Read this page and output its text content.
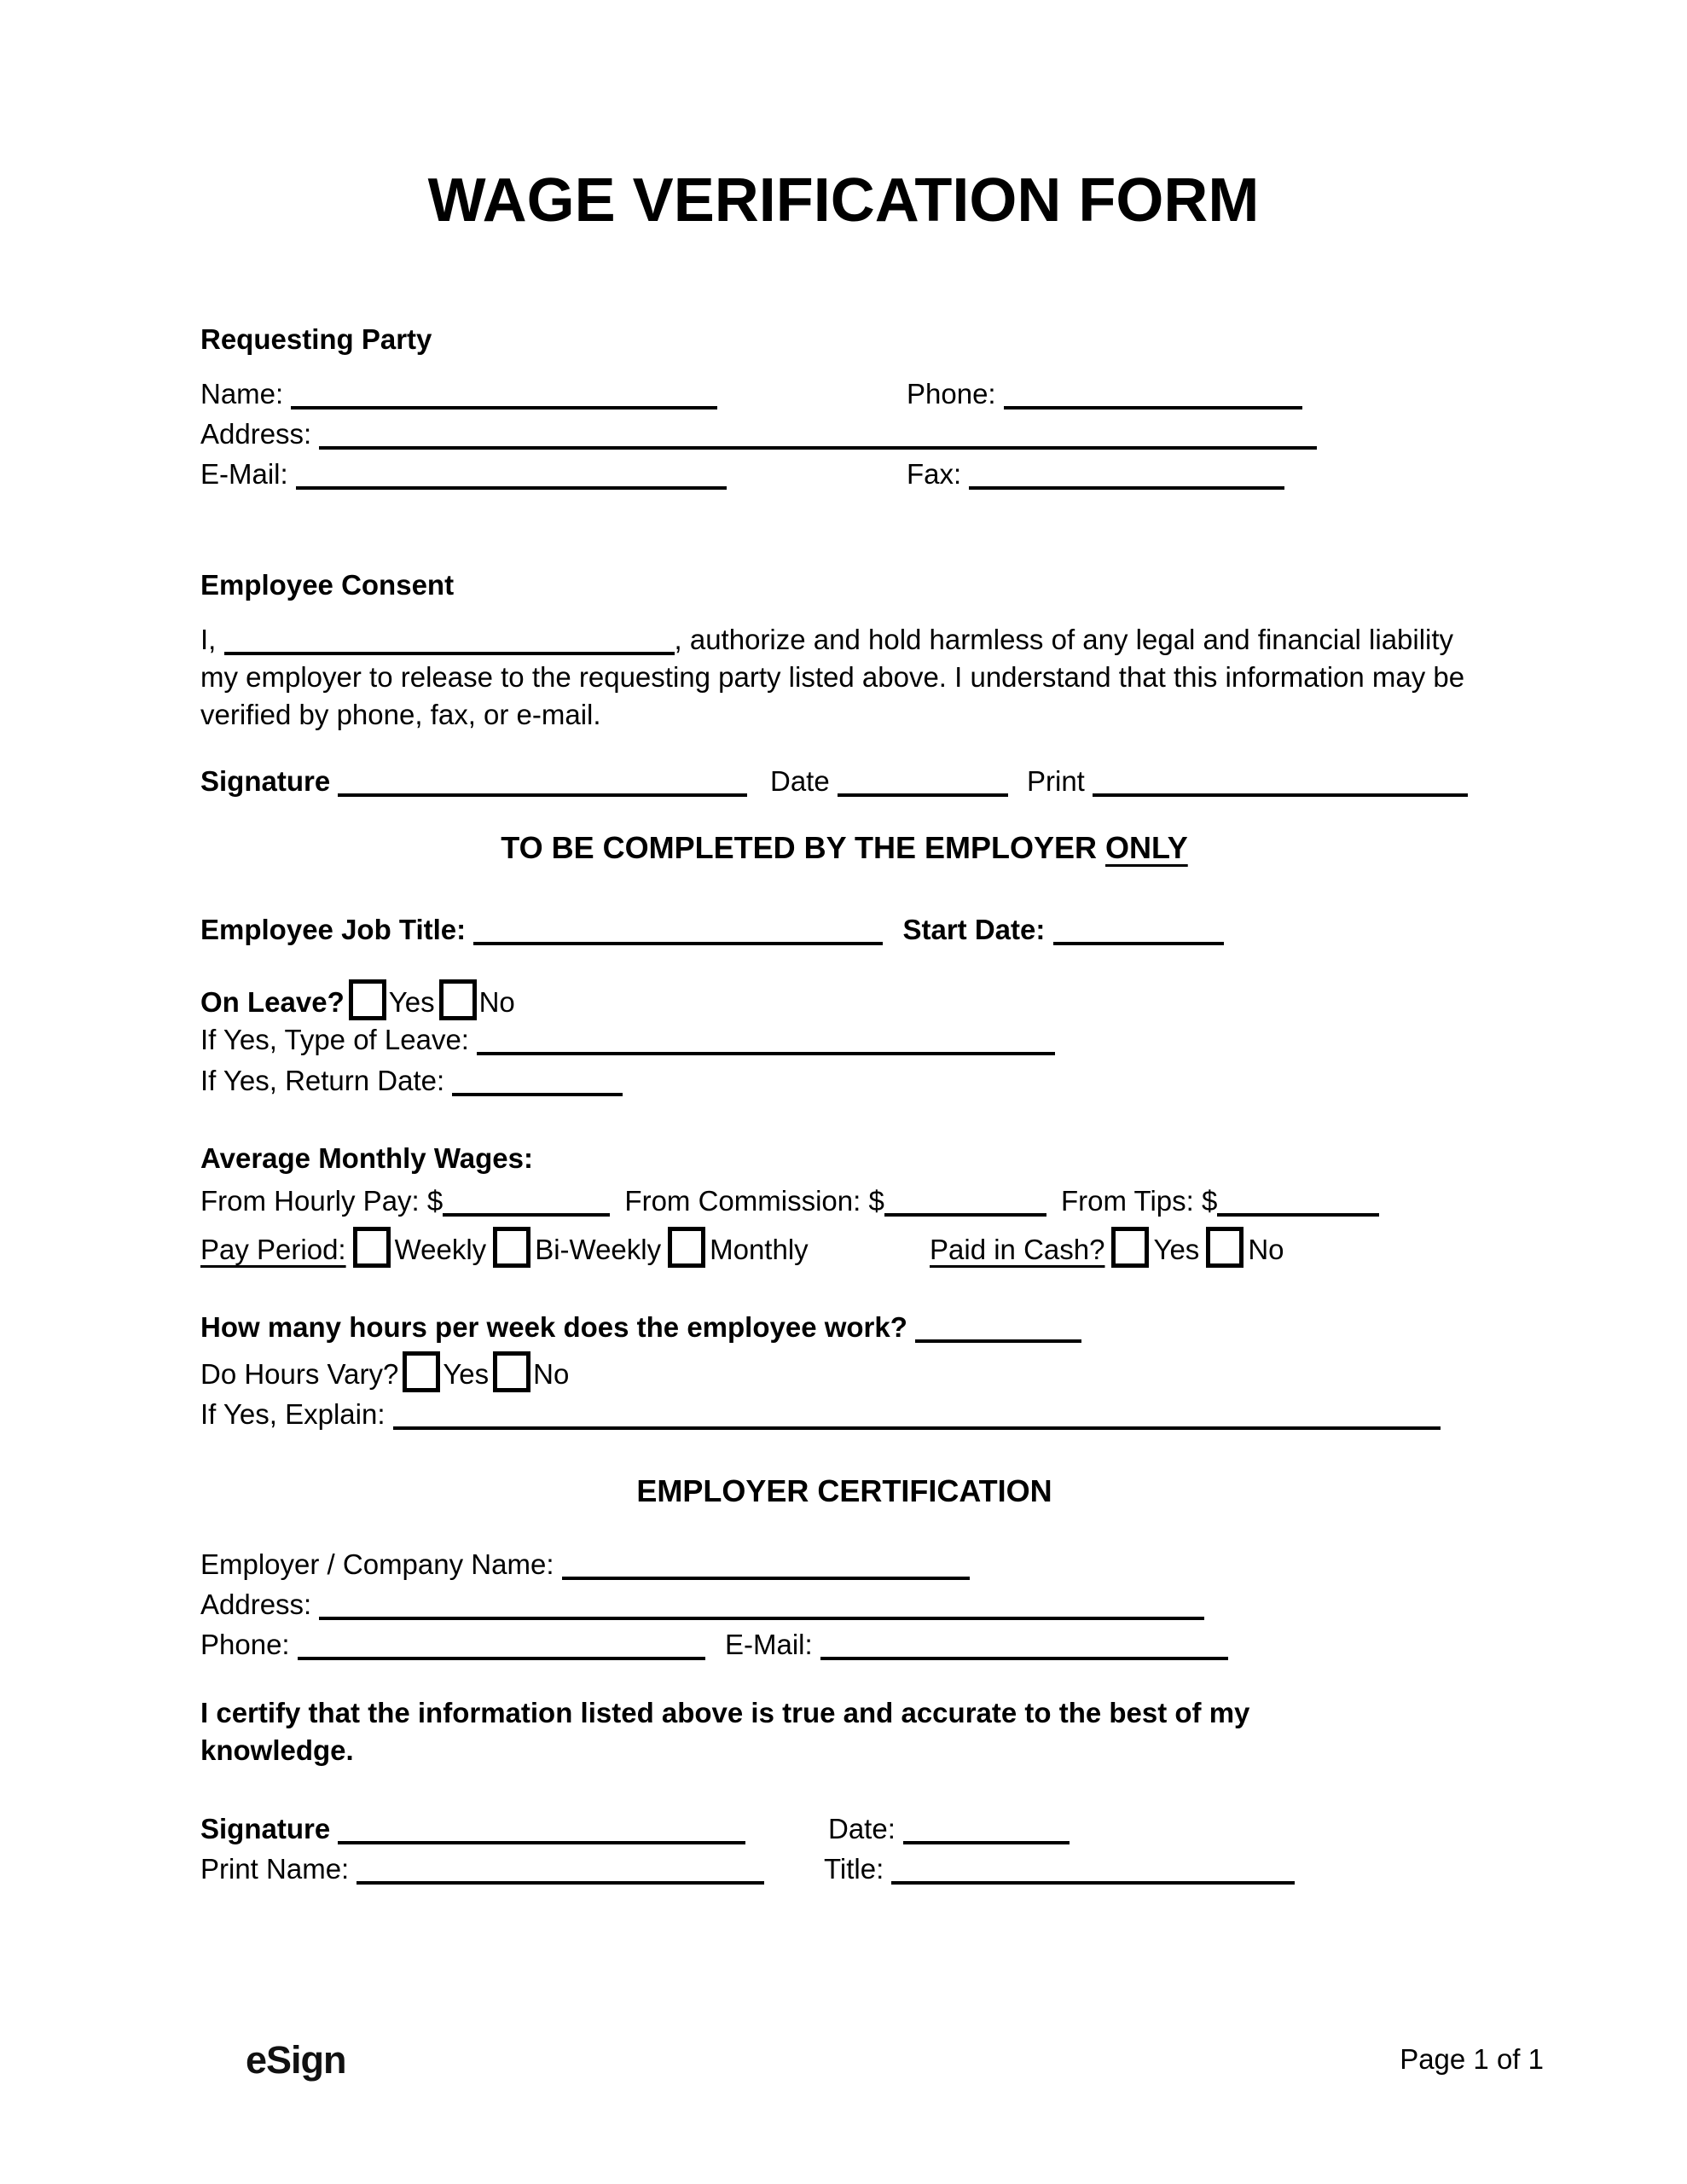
WAGE VERIFICATION FORM
Requesting Party
Name:	Phone:
Address:
E-Mail:	Fax:
Employee Consent
I,	, authorize and hold harmless of any legal and financial liability my employer to release to the requesting party listed above. I understand that this information may be verified by phone, fax, or e-mail.
Signature	Date	Print
TO BE COMPLETED BY THE EMPLOYER ONLY
Employee Job Title:	Start Date:
On Leave? Yes No
If Yes, Type of Leave:
If Yes, Return Date:
Average Monthly Wages:
From Hourly Pay: $	From Commission: $	From Tips: $
Pay Period: Weekly Bi-Weekly Monthly	Paid in Cash? Yes No
How many hours per week does the employee work?
Do Hours Vary? Yes No
If Yes, Explain:
EMPLOYER CERTIFICATION
Employer / Company Name:
Address:
Phone:	E-Mail:
I certify that the information listed above is true and accurate to the best of my knowledge.
Signature	Date:
Print Name:	Title:
eSign	Page 1 of 1
